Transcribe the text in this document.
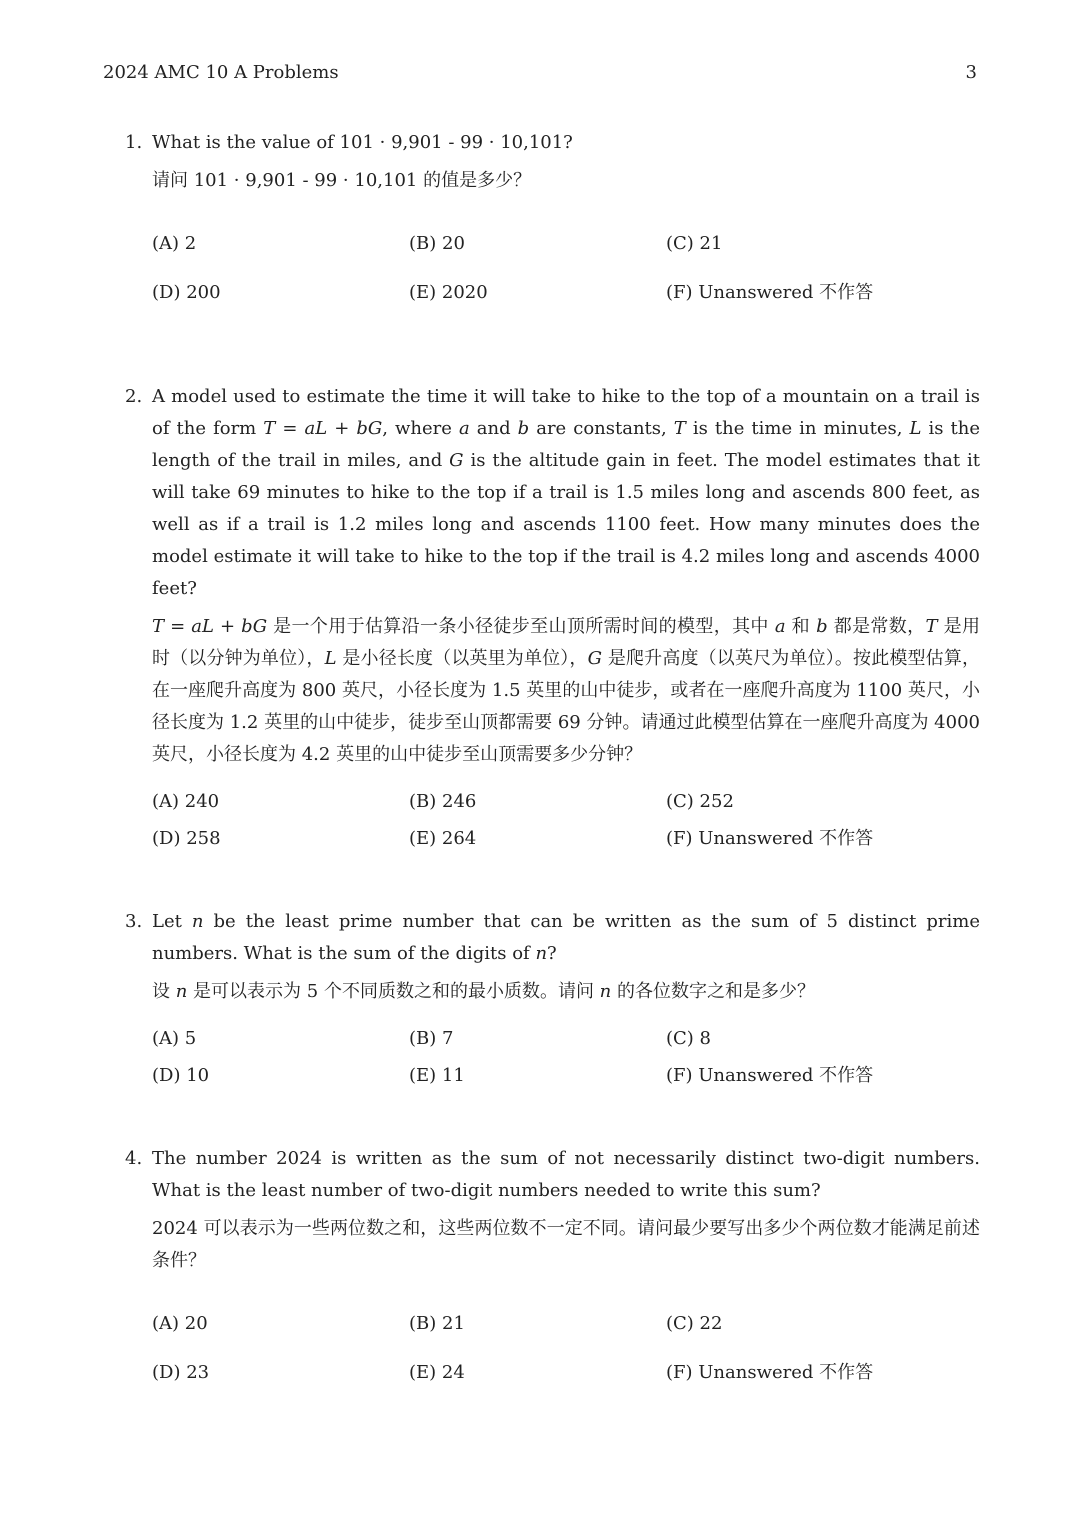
2024 AMC 10 A Problems	3
1. What is the value of 101 · 9,901 - 99 · 10,101?

请问 101 · 9,901 - 99 · 10,101 的值是多少？

(A) 2	(B) 20	(C) 21
(D) 200	(E) 2020	(F) Unanswered 不作答
2. A model used to estimate the time it will take to hike to the top of a mountain on a trail is of the form T = aL + bG, where a and b are constants, T is the time in minutes, L is the length of the trail in miles, and G is the altitude gain in feet. The model estimates that it will take 69 minutes to hike to the top if a trail is 1.5 miles long and ascends 800 feet, as well as if a trail is 1.2 miles long and ascends 1100 feet. How many minutes does the model estimate it will take to hike to the top if the trail is 4.2 miles long and ascends 4000 feet?

T = aL + bG 是一个用于估算沿一条小径徒步至山顶所需时间的模型，其中 a 和 b 都是常数，T 是用时（以分钟为单位），L 是小径长度（以英里为单位），G 是爬升高度（以英尺为单位）。按此模型估算，在一座爬升高度为 800 英尺，小径长度为 1.5 英里的山中徒步，或者在一座爬升高度为 1100 英尺，小径长度为 1.2 英里的山中徒步，徒步至山顶都需要 69 分钟。请通过此模型估算在一座爬升高度为 4000 英尺，小径长度为 4.2 英里的山中徒步至山顶需要多少分钟？

(A) 240	(B) 246	(C) 252
(D) 258	(E) 264	(F) Unanswered 不作答
3. Let n be the least prime number that can be written as the sum of 5 distinct prime numbers. What is the sum of the digits of n?

设 n 是可以表示为 5 个不同质数之和的最小质数。请问 n 的各位数字之和是多少？

(A) 5	(B) 7	(C) 8
(D) 10	(E) 11	(F) Unanswered 不作答
4. The number 2024 is written as the sum of not necessarily distinct two-digit numbers. What is the least number of two-digit numbers needed to write this sum?

2024 可以表示为一些两位数之和，这些两位数不一定不同。请问最少要写出多少个两位数才能满足前述条件？

(A) 20	(B) 21	(C) 22
(D) 23	(E) 24	(F) Unanswered 不作答
